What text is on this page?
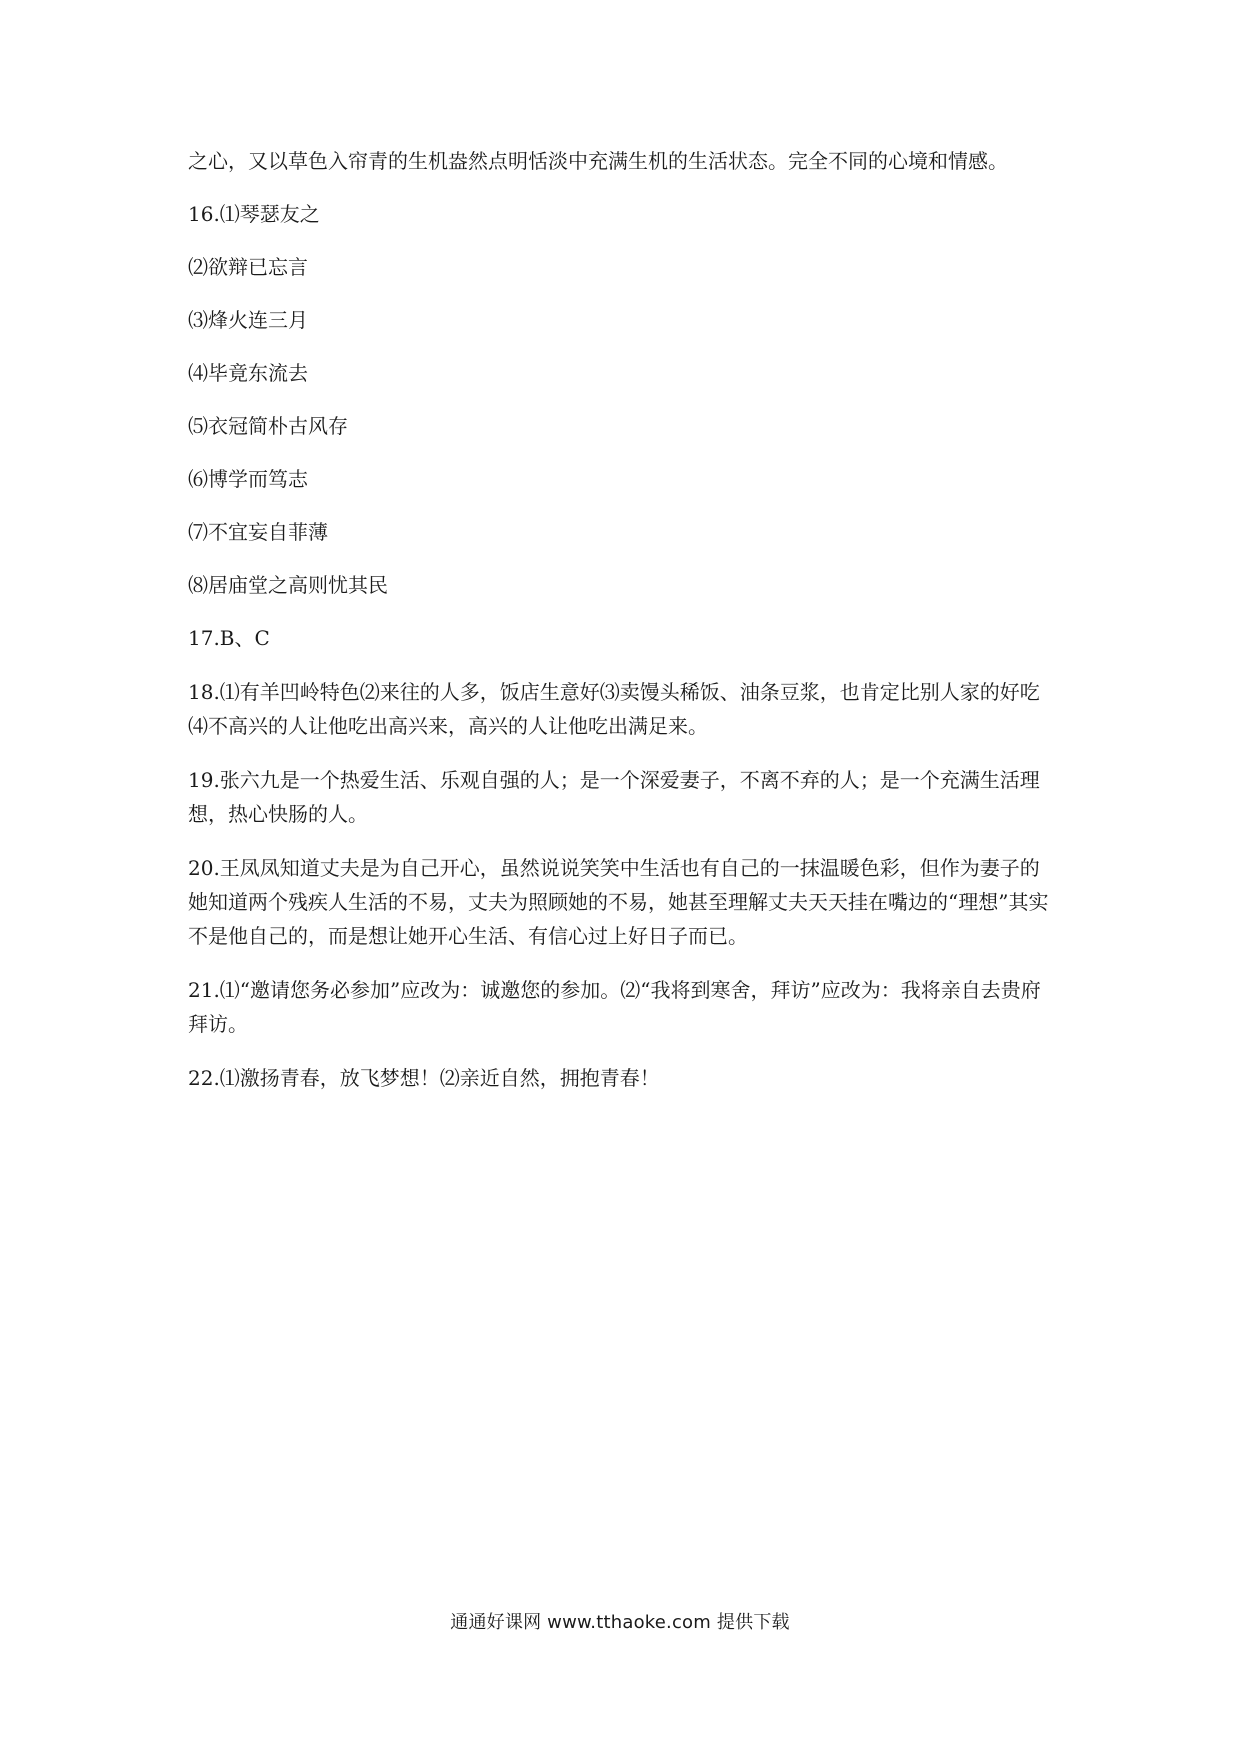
之心，又以草色入帘青的生机盎然点明恬淡中充满生机的生活状态。完全不同的心境和情感。

16.⑴琴瑟友之

⑵欲辩已忘言

⑶烽火连三月

⑷毕竟东流去

⑸衣冠简朴古风存

⑹博学而笃志

⑺不宜妄自菲薄

⑻居庙堂之高则忧其民

17.B、C

18.⑴有羊凹岭特色⑵来往的人多，饭店生意好⑶卖馒头稀饭、油条豆浆，也肯定比别人家的好吃⑷不高兴的人让他吃出高兴来，高兴的人让他吃出满足来。

19.张六九是一个热爱生活、乐观自强的人；是一个深爱妻子，不离不弃的人；是一个充满生活理想，热心快肠的人。

20.王凤凤知道丈夫是为自己开心，虽然说说笑笑中生活也有自己的一抹温暖色彩，但作为妻子的她知道两个残疾人生活的不易，丈夫为照顾她的不易，她甚至理解丈夫天天挂在嘴边的“理想”其实不是他自己的，而是想让她开心生活、有信心过上好日子而已。

21.⑴“邀请您务必参加”应改为：诚邀您的参加。⑵“我将到寒舍，拜访”应改为：我将亲自去贵府拜访。

22.⑴激扬青春，放飞梦想！⑵亲近自然，拥抱青春！

通通好课网 www.tthaoke.com 提供下载
